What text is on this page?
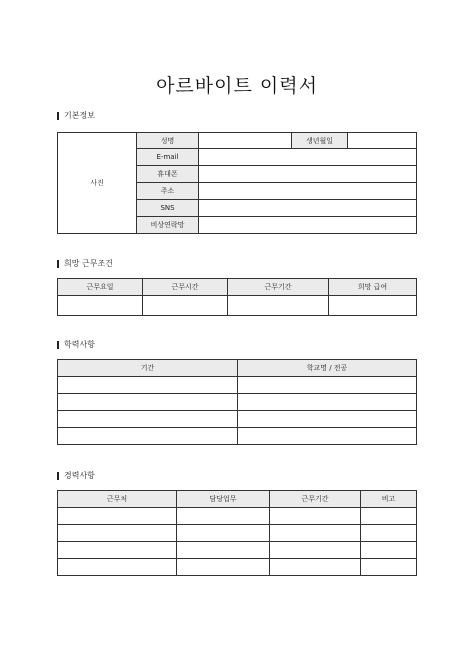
아르바이트 이력서
기본정보
사진	성명		생년월일	
	E-mail			
	휴대폰			
	주소			
	SNS			
	비상연락망			
희망 근무조건
근무요일	근무시간	근무기간	희망 급여

학력사항
기간	학교명 / 전공

경력사항
근무처	담당업무	근무기간	비고
